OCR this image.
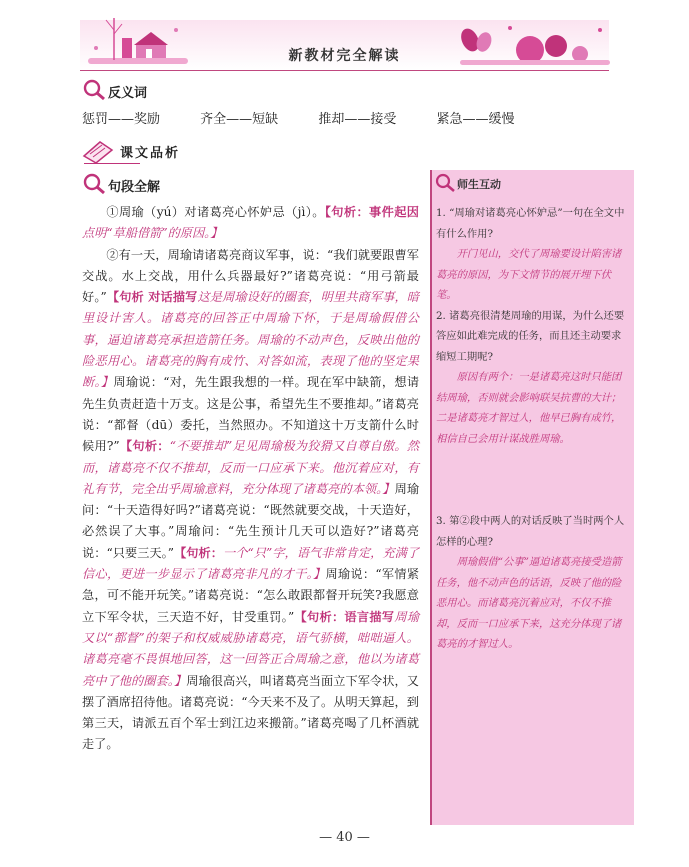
新教材完全解读
反义词
惩罚——奖励	齐全——短缺	推却——接受	紧急——缓慢
课文品析
句段全解

①周瑜（yú）对诸葛亮心怀妒忌（jì）。【句析：事件起因点明“草船借箭”的原因。】

②有一天，周瑜请诸葛亮商议军事，说：“我们就要跟曹军交战。水上交战，用什么兵器最好?”诸葛亮说：“用弓箭最好。”【句析 对话描写这是周瑜设好的圈套，明里共商军事，暗里设计害人。诸葛亮的回答正中周瑜下怀，于是周瑜假借公事，逼迫诸葛亮承担造箭任务。周瑜的不动声色，反映出他的险恶用心。诸葛亮的胸有成竹、对答如流，表现了他的坚定果断。】周瑜说：“对，先生跟我想的一样。现在军中缺箭，想请先生负责赶造十万支。这是公事，希望先生不要推却。”诸葛亮说：“都督（dū）委托，当然照办。不知道这十万支箭什么时候用?”【句析：“不要推却”足见周瑜极为狡猾又自尊自傲。然而，诸葛亮不仅不推却，反而一口应承下来。他沉着应对，有礼有节，完全出乎周瑜意料，充分体现了诸葛亮的本领。】周瑜问：“十天造得好吗?”诸葛亮说：“既然就要交战，十天造好，必然误了大事。”周瑜问：“先生预计几天可以造好?”诸葛亮说：“只要三天。”【句析：一个“只”字，语气非常肯定，充满了信心，更进一步显示了诸葛亮非凡的才干。】周瑜说：“军情紧急，可不能开玩笑。”诸葛亮说：“怎么敢跟都督开玩笑?我愿意立下军令状，三天造不好，甘受重罚。”【句析：语言描写周瑜又以“都督”的架子和权威威胁诸葛亮，语气骄横，咄咄逼人。诸葛亮毫不畏惧地回答，这一回答正合周瑜之意，他以为诸葛亮中了他的圈套。】周瑜很高兴，叫诸葛亮当面立下军令状，又摆了酒席招待他。诸葛亮说：“今天来不及了。从明天算起，到第三天，请派五百个军士到江边来搬箭。”诸葛亮喝了几杯酒就走了。

师生互动

1. “周瑜对诸葛亮心怀妒忌”一句在全文中有什么作用?

开门见山，交代了周瑜要设计陷害诸葛亮的原因，为下文情节的展开埋下伏笔。

2. 诸葛亮很清楚周瑜的用谋，为什么还要答应如此难完成的任务，而且还主动要求缩短工期呢?

原因有两个：一是诸葛亮这时只能团结周瑜，否则就会影响联吴抗曹的大计；二是诸葛亮才智过人，他早已胸有成竹，相信自己会用计谋战胜周瑜。

3. 第②段中两人的对话反映了当时两个人怎样的心理?

周瑜假借“公事”逼迫诸葛亮接受造箭任务，他不动声色的话语，反映了他的险恶用心。而诸葛亮沉着应对，不仅不推却，反而一口应承下来，这充分体现了诸葛亮的才智过人。

— 40 —
